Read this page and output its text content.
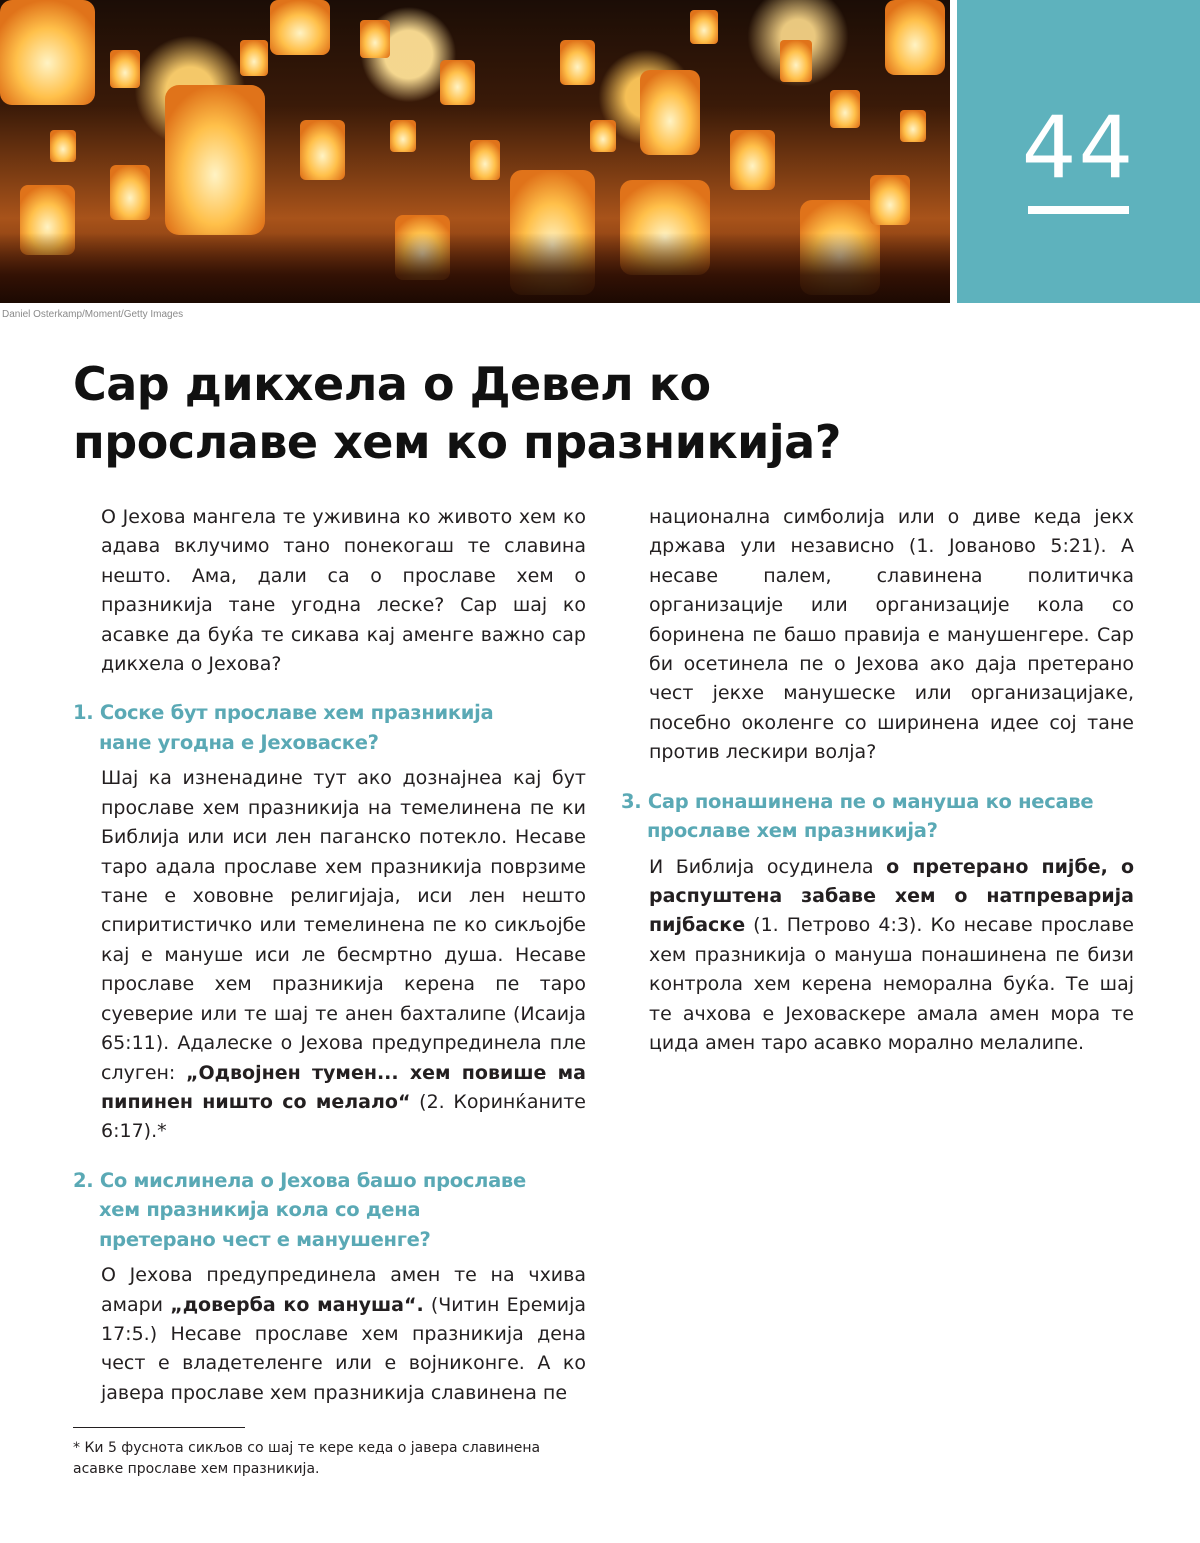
44
Daniel Osterkamp/Moment/Getty Images
Сар дикхела о Девел ко
прославе хем ко празникија?

О Јехова мангела те уживина ко живото хем ко адава вклучимо тано понекогаш те славина нешто. Ама, дали са о прославе хем о празникија тане угодна леске? Сар шај ко асавке да буќа те сикава кај аменге важно сар дикхела о Јехова?

1. Соске бут прославе хем празникија
нане угодна е Јеховаске?

Шај ка изненадине тут ако дознајнеа кај бут прославе хем празникија на темелинена пе ки Библија или иси лен паганско потекло. Несаве таро адала прославе хем празникија поврзиме тане е хововне религијаја, иси лен нешто спиритистичко или темелинена пе ко сикљојбе кај е мануше иси ле бесмртно душа. Несаве прославе хем празникија керена пе таро суеверие или те шај те анен бахталипе (Исаија 65:11). Адалеске о Јехова предупрединела пле слуген: „Одвојнен тумен... хем повише ма пипинен ништо со мелало“ (2. Коринќаните 6:17).*

2. Со мислинела о Јехова башо прославе
хем празникија кола со дена
претерано чест е манушенге?

О Јехова предупрединела амен те на чхива амари „доверба ко мануша“. (Читин Еремија 17:5.) Несаве прославе хем празникија дена чест е владетеленге или е војниконге. А ко јавера прославе хем празникија славинена пе

национална симболија или о диве кеда јекх држава ули независно (1. Јованово 5:21). А несаве палем, славинена политичка организације или организације кола со боринена пе башо правија е манушенгере. Сар би осетинела пе о Јехова ако даја претерано чест јекхе манушеске или организацијаке, посебно околенге со ширинена идее сој тане против лескири волја?

3. Сар понашинена пе о мануша ко несаве
прославе хем празникија?

И Библија осудинела о претерано пијбе, о распуштена забаве хем о натпреварија пијбаске (1. Петрово 4:3). Ко несаве прославе хем празникија о мануша понашинена пе бизи контрола хем керена неморална буќа. Те шај те ачхова е Јеховаскере амала амен мора те цида амен таро асавко морално мелалипе.

* Ки 5 фуснота сикљов со шај те кере кеда о јавера славинена асавке прославе хем празникија.
